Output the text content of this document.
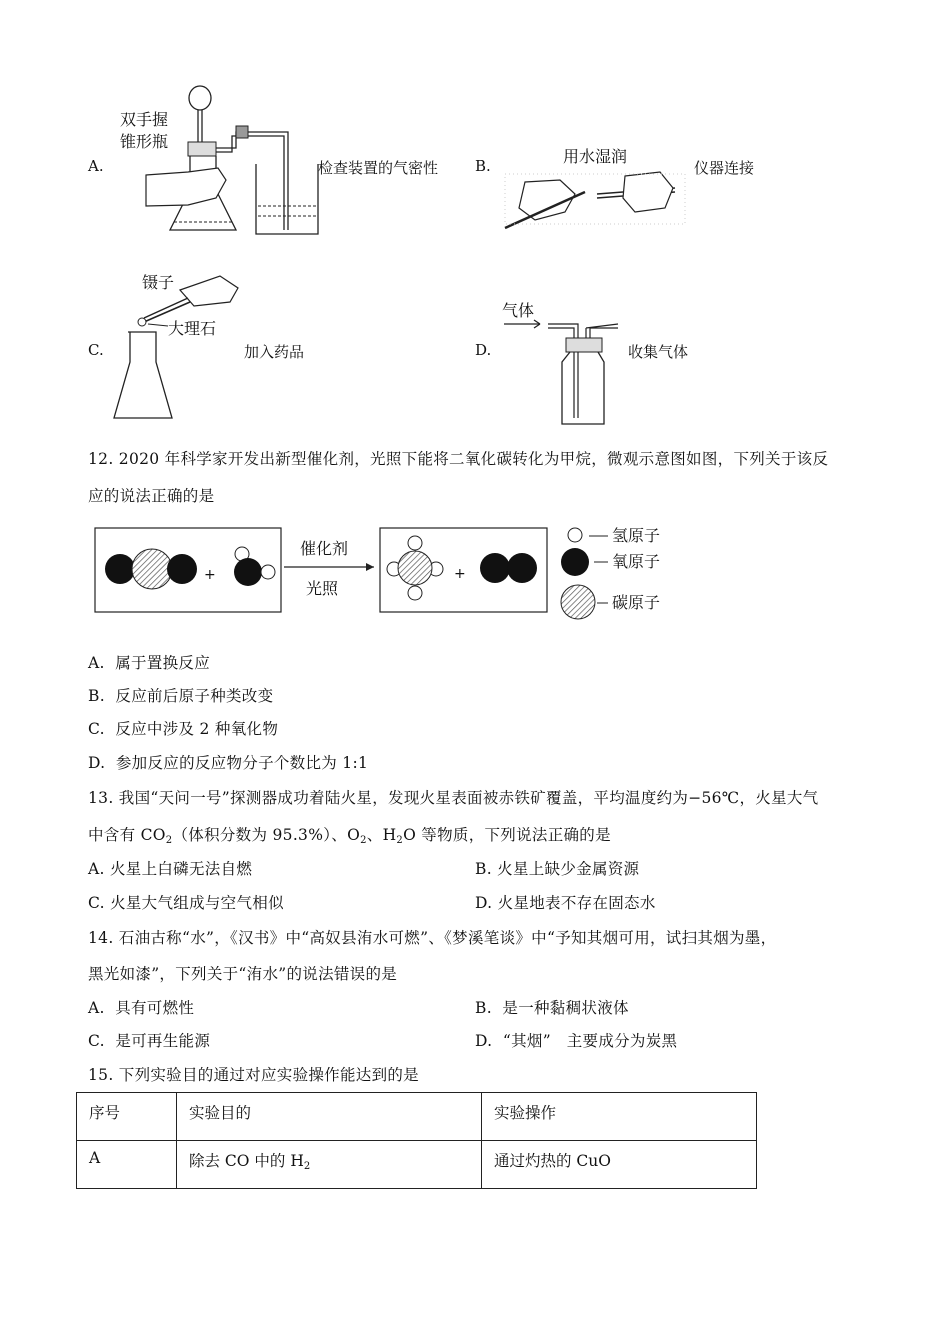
A.
双手握
锥形瓶
检查装置的气密性 B.	用水湿润
仪器连接
C.
镊子
大理石
加入药品	D.
气体
收集气体
12. 2020 年科学家开发出新型催化剂，光照下能将二氧化碳转化为甲烷，微观示意图如图，下列关于该反
应的说法正确的是
+
催化剂
光照
+
氢原子
氧原子
碳原子
A. 属于置换反应
B. 反应前后原子种类改变
C. 反应中涉及 2 种氧化物
D. 参加反应的反应物分子个数比为 1:1
13. 我国“天问一号”探测器成功着陆火星，发现火星表面被赤铁矿覆盖，平均温度约为−56℃，火星大气
中含有 $CO_2$（体积分数为 95.3%）、$O_2$、$H_2O$ 等物质，下列说法正确的是
A. 火星上白磷无法自燃	B. 火星上缺少金属资源
C. 火星大气组成与空气相似	D. 火星地表不存在固态水
14. 石油古称“水”，《汉书》中“高奴县洧水可燃”、《梦溪笔谈》中“予知其烟可用，试扫其烟为墨，
黑光如漆”，下列关于“洧水”的说法错误的是
A. 具有可燃性	B. 是一种黏稠状液体
C. 是可再生能源	D. “其烟”　主要成分为炭黑
15. 下列实验目的通过对应实验操作能达到的是
序号	实验目的	实验操作
A	除去 CO 中的 $H_2$	通过灼热的 CuO
